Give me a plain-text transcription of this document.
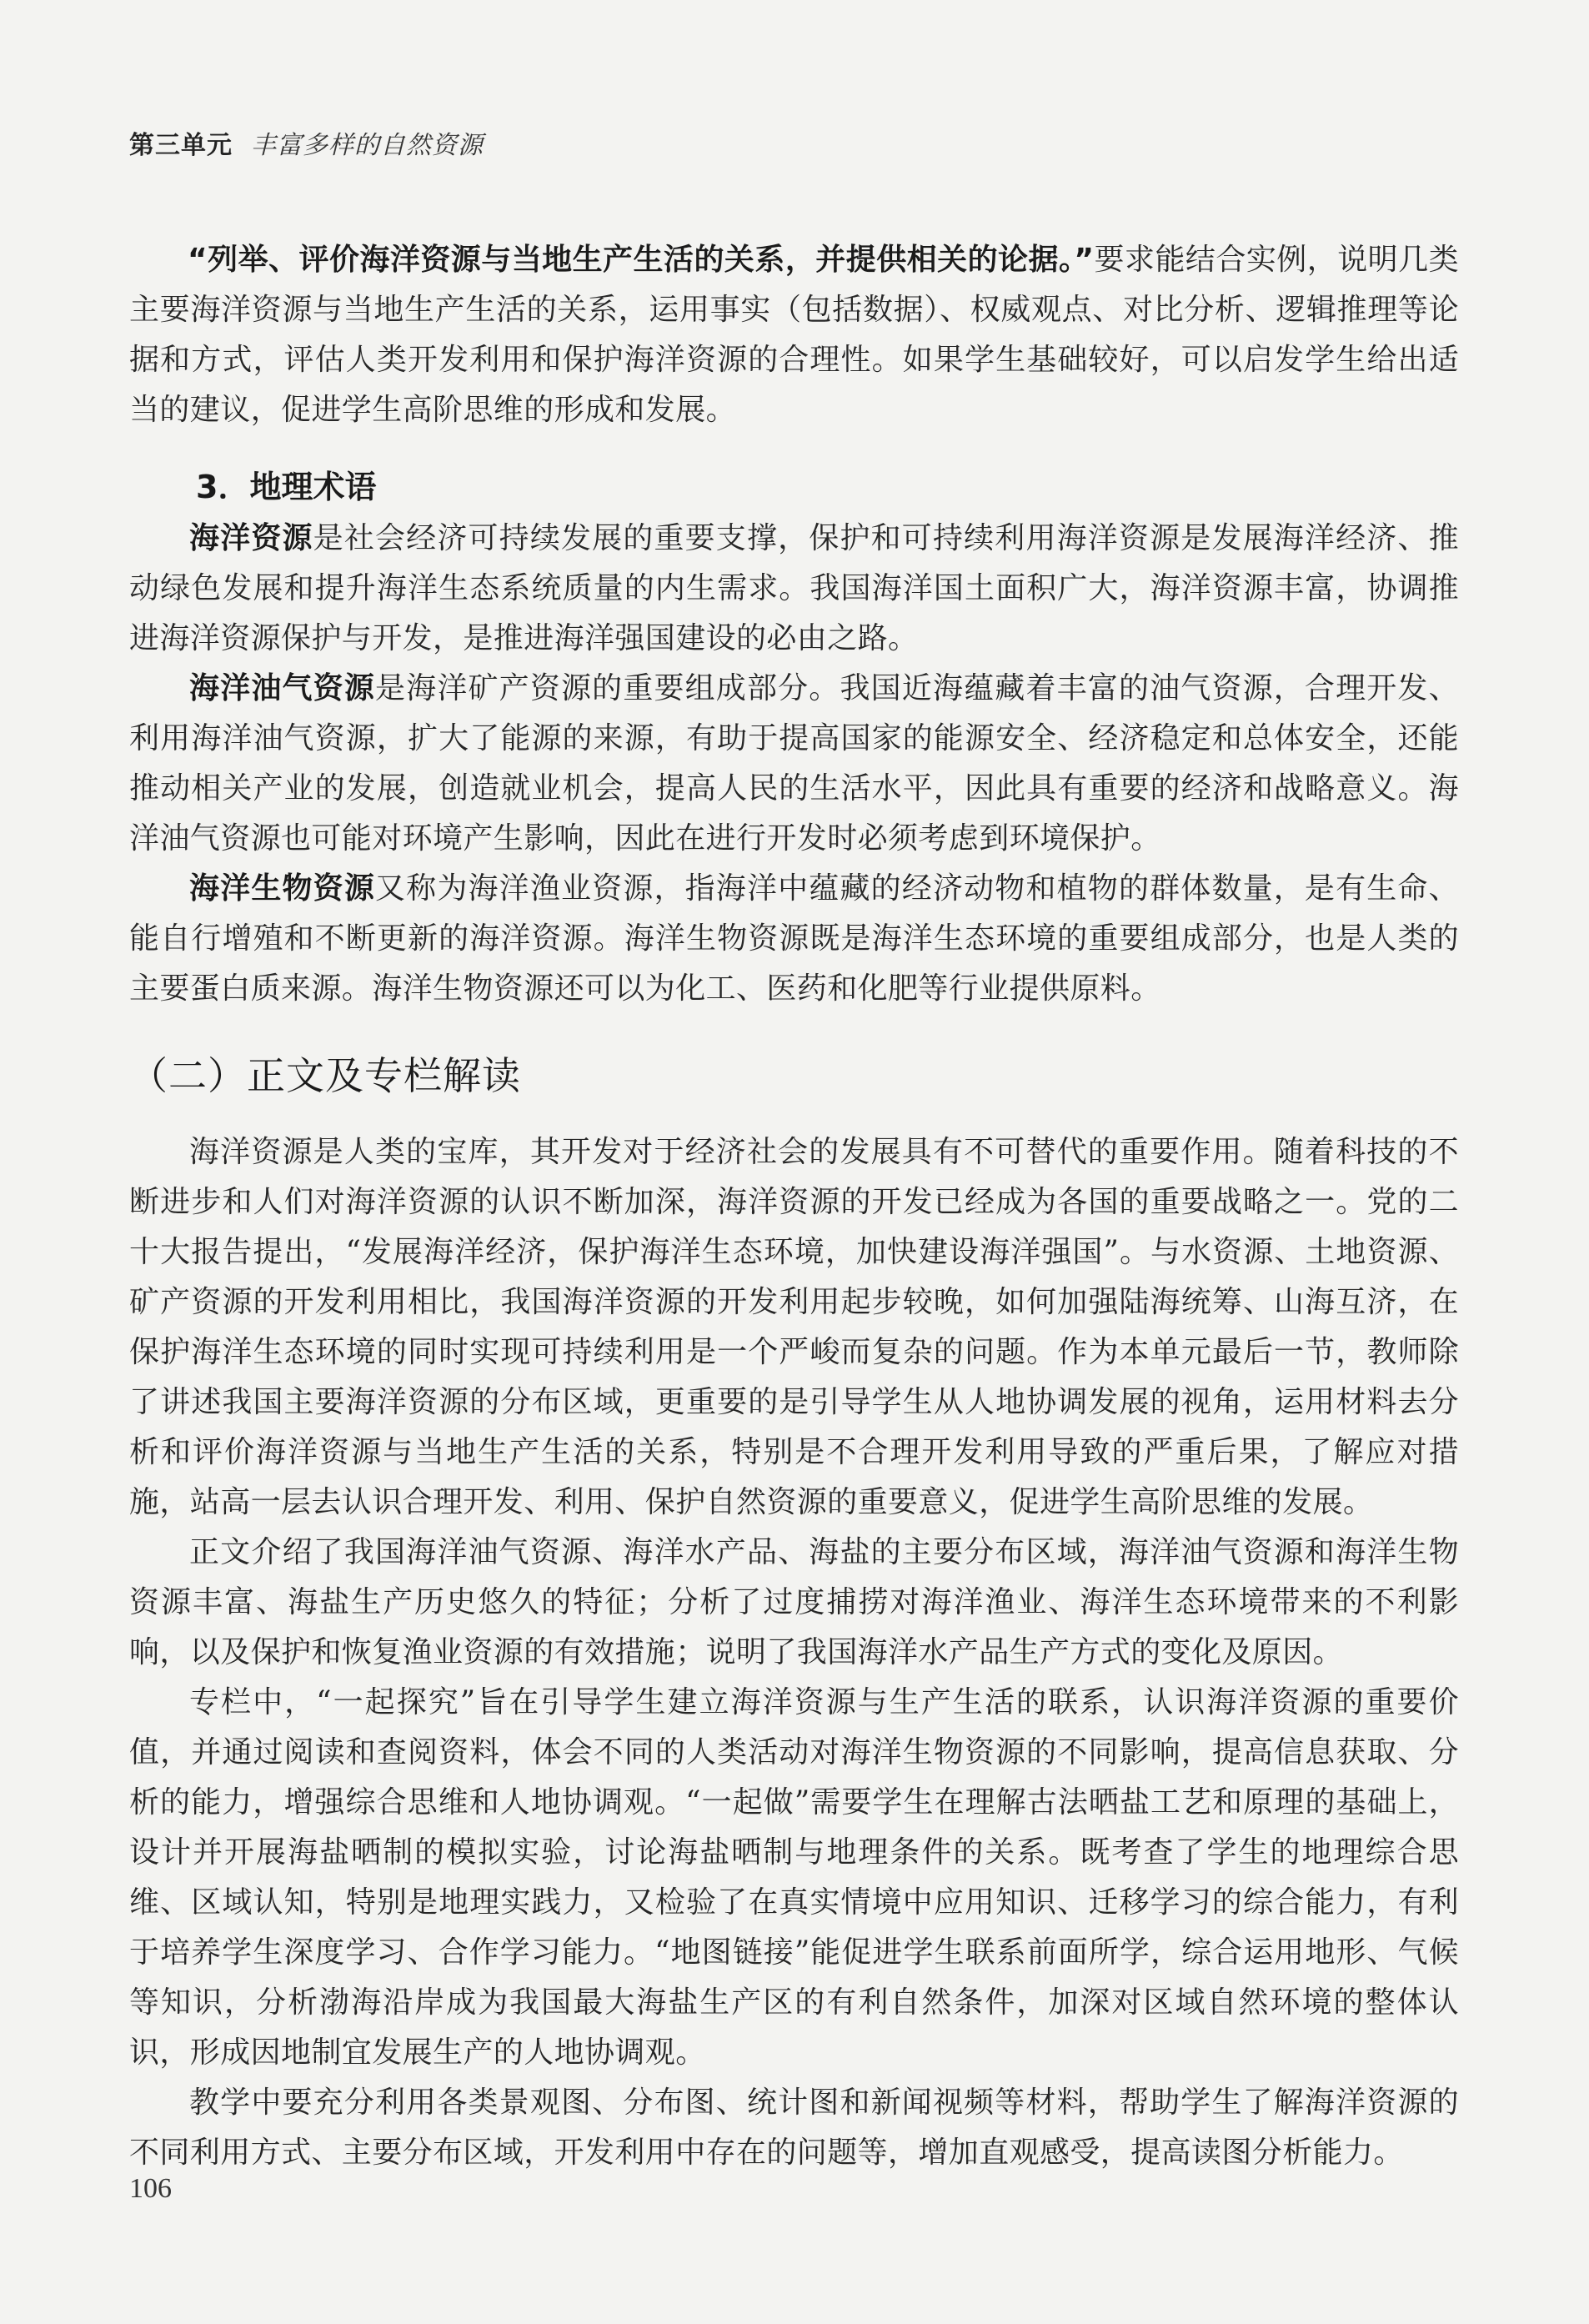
第三单元 丰富多样的自然资源

“列举、评价海洋资源与当地生产生活的关系，并提供相关的论据。”要求能结合实例，说明几类主要海洋资源与当地生产生活的关系，运用事实（包括数据）、权威观点、对比分析、逻辑推理等论据和方式，评估人类开发利用和保护海洋资源的合理性。如果学生基础较好，可以启发学生给出适当的建议，促进学生高阶思维的形成和发展。

3．地理术语

海洋资源是社会经济可持续发展的重要支撑，保护和可持续利用海洋资源是发展海洋经济、推动绿色发展和提升海洋生态系统质量的内生需求。我国海洋国土面积广大，海洋资源丰富，协调推进海洋资源保护与开发，是推进海洋强国建设的必由之路。

海洋油气资源是海洋矿产资源的重要组成部分。我国近海蕴藏着丰富的油气资源，合理开发、利用海洋油气资源，扩大了能源的来源，有助于提高国家的能源安全、经济稳定和总体安全，还能推动相关产业的发展，创造就业机会，提高人民的生活水平，因此具有重要的经济和战略意义。海洋油气资源也可能对环境产生影响，因此在进行开发时必须考虑到环境保护。

海洋生物资源又称为海洋渔业资源，指海洋中蕴藏的经济动物和植物的群体数量，是有生命、能自行增殖和不断更新的海洋资源。海洋生物资源既是海洋生态环境的重要组成部分，也是人类的主要蛋白质来源。海洋生物资源还可以为化工、医药和化肥等行业提供原料。

（二）正文及专栏解读

海洋资源是人类的宝库，其开发对于经济社会的发展具有不可替代的重要作用。随着科技的不断进步和人们对海洋资源的认识不断加深，海洋资源的开发已经成为各国的重要战略之一。党的二十大报告提出，“发展海洋经济，保护海洋生态环境，加快建设海洋强国”。与水资源、土地资源、矿产资源的开发利用相比，我国海洋资源的开发利用起步较晚，如何加强陆海统筹、山海互济，在保护海洋生态环境的同时实现可持续利用是一个严峻而复杂的问题。作为本单元最后一节，教师除了讲述我国主要海洋资源的分布区域，更重要的是引导学生从人地协调发展的视角，运用材料去分析和评价海洋资源与当地生产生活的关系，特别是不合理开发利用导致的严重后果，了解应对措施，站高一层去认识合理开发、利用、保护自然资源的重要意义，促进学生高阶思维的发展。

正文介绍了我国海洋油气资源、海洋水产品、海盐的主要分布区域，海洋油气资源和海洋生物资源丰富、海盐生产历史悠久的特征；分析了过度捕捞对海洋渔业、海洋生态环境带来的不利影响，以及保护和恢复渔业资源的有效措施；说明了我国海洋水产品生产方式的变化及原因。

专栏中，“一起探究”旨在引导学生建立海洋资源与生产生活的联系，认识海洋资源的重要价值，并通过阅读和查阅资料，体会不同的人类活动对海洋生物资源的不同影响，提高信息获取、分析的能力，增强综合思维和人地协调观。“一起做”需要学生在理解古法晒盐工艺和原理的基础上，设计并开展海盐晒制的模拟实验，讨论海盐晒制与地理条件的关系。既考查了学生的地理综合思维、区域认知，特别是地理实践力，又检验了在真实情境中应用知识、迁移学习的综合能力，有利于培养学生深度学习、合作学习能力。“地图链接”能促进学生联系前面所学，综合运用地形、气候等知识，分析渤海沿岸成为我国最大海盐生产区的有利自然条件，加深对区域自然环境的整体认识，形成因地制宜发展生产的人地协调观。

教学中要充分利用各类景观图、分布图、统计图和新闻视频等材料，帮助学生了解海洋资源的不同利用方式、主要分布区域，开发利用中存在的问题等，增加直观感受，提高读图分析能力。

106
